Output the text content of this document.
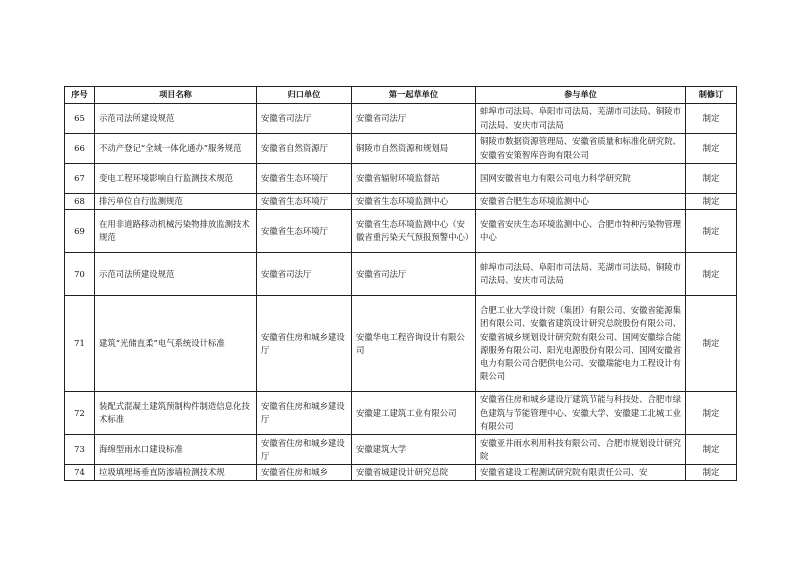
序号	项目名称	归口单位	第一起草单位	参与单位	制修订
65	示范司法所建设规范	安徽省司法厅	安徽省司法厅	蚌埠市司法局、阜阳市司法局、芜湖市司法局、铜陵市司法局、安庆市司法局	制定
66	不动产登记“全域一体化通办”服务规范	安徽省自然资源厅	铜陵市自然资源和规划局	铜陵市数据资源管理局、安徽省质量和标准化研究院、安徽省安策智库咨询有限公司	制定
67	变电工程环境影响自行监测技术规范	安徽省生态环境厅	安徽省辐射环境监督站	国网安徽省电力有限公司电力科学研究院	制定
68	排污单位自行监测规范	安徽省生态环境厅	安徽省生态环境监测中心	安徽省合肥生态环境监测中心	制定
69	在用非道路移动机械污染物排放监测技术规范	安徽省生态环境厅	安徽省生态环境监测中心（安徽省重污染天气预报预警中心）	安徽省安庆生态环境监测中心、合肥市特种污染物管理中心	制定
70	示范司法所建设规范	安徽省司法厅	安徽省司法厅	蚌埠市司法局、阜阳市司法局、芜湖市司法局、铜陵市司法局、安庆市司法局	制定
71	建筑“光储直柔”电气系统设计标准	安徽省住房和城乡建设厅	安徽华电工程咨询设计有限公司	合肥工业大学设计院（集团）有限公司、安徽省能源集团有限公司、安徽省建筑设计研究总院股份有限公司、安徽省城乡规划设计研究院有限公司、国网安徽综合能源服务有限公司、阳光电源股份有限公司、国网安徽省电力有限公司合肥供电公司、安徽瑞能电力工程设计有限公司	制定
72	装配式混凝土建筑预制构件制造信息化技术标准	安徽省住房和城乡建设厅	安徽建工建筑工业有限公司	安徽省住房和城乡建设厅建筑节能与科技处、合肥市绿色建筑与节能管理中心、安徽大学、安徽建工北城工业有限公司	制定
73	海绵型雨水口建设标准	安徽省住房和城乡建设厅	安徽建筑大学	安徽亚井雨水利用科技有限公司、合肥市规划设计研究院	制定
74	垃圾填埋场垂直防渗墙检测技术规	安徽省住房和城乡	安徽省城建设计研究总院	安徽省建设工程测试研究院有限责任公司、安	制定
